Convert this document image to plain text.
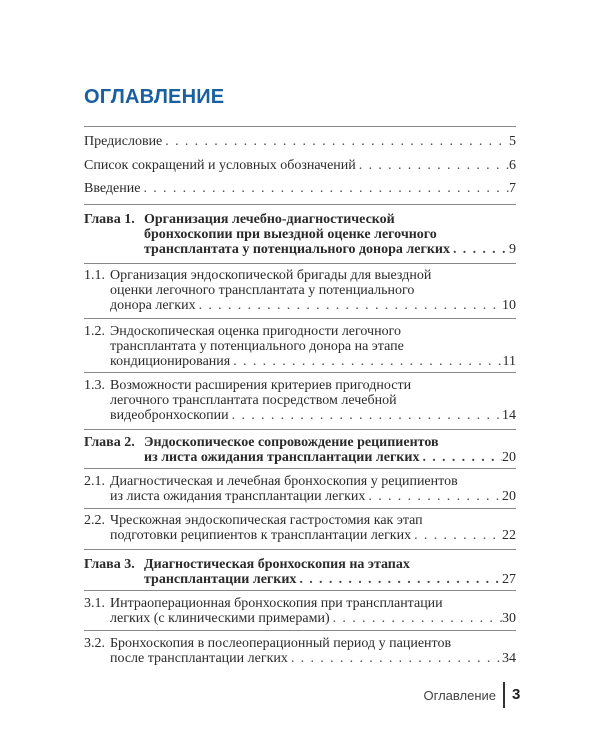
ОГЛАВЛЕНИЕ
Предисловие . . .	5
Список сокращений и условных обозначений . . .	6
Введение . . .	7
Глава 1. Организация лечебно-диагностической
бронхоскопии при выездной оценке легочного
трансплантата у потенциального донора легких . . .	9
1.1. Организация эндоскопической бригады для выездной
оценки легочного трансплантата у потенциального
донора легких . . .	10
1.2. Эндоскопическая оценка пригодности легочного
трансплантата у потенциального донора на этапе
кондиционирования . . .	11
1.3. Возможности расширения критериев пригодности
легочного трансплантата посредством лечебной
видеобронхоскопии . . .	14
Глава 2. Эндоскопическое сопровождение реципиентов
из листа ожидания трансплантации легких . . .	20
2.1. Диагностическая и лечебная бронхоскопия у реципиентов
из листа ожидания трансплантации легких . . .	20
2.2. Чрескожная эндоскопическая гастростомия как этап
подготовки реципиентов к трансплантации легких . . .	22
Глава 3. Диагностическая бронхоскопия на этапах
трансплантации легких . . .	27
3.1. Интраоперационная бронхоскопия при трансплантации
легких (с клиническими примерами) . . .	30
3.2. Бронхоскопия в послеоперационный период у пациентов
после трансплантации легких . . .	34
Оглавление 3
